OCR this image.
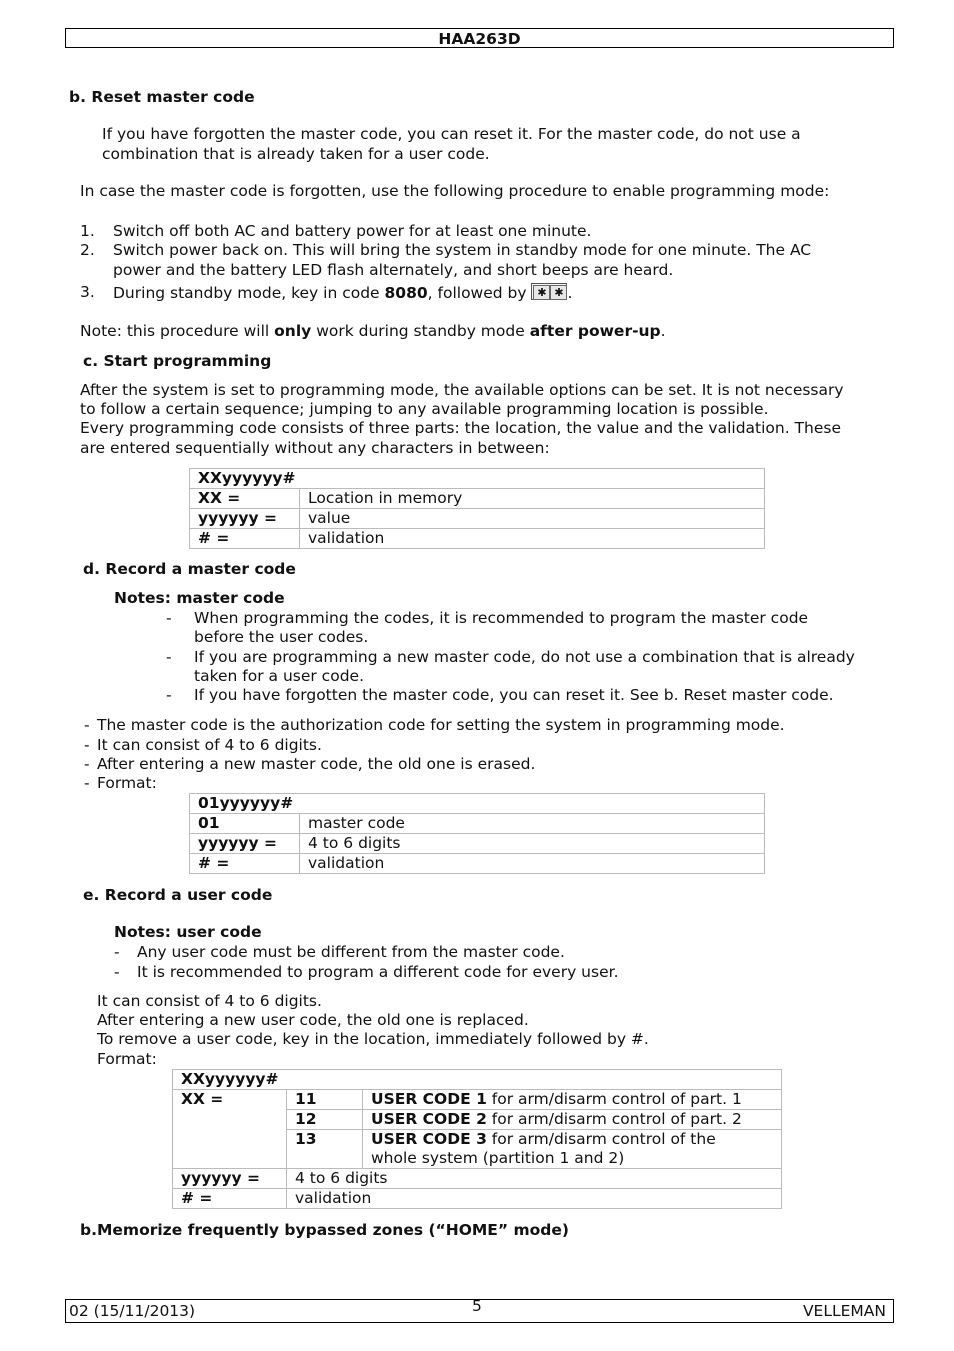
HAA263D
b. Reset master code
If you have forgotten the master code, you can reset it. For the master code, do not use a
combination that is already taken for a user code.
In case the master code is forgotten, use the following procedure to enable programming mode:
1. Switch off both AC and battery power for at least one minute.
2. Switch power back on. This will bring the system in standby mode for one minute. The AC
power and the battery LED flash alternately, and short beeps are heard.
3. During standby mode, key in code 8080, followed by ✱ ✱ .
Note: this procedure will only work during standby mode after power-up.
c. Start programming
After the system is set to programming mode, the available options can be set. It is not necessary
to follow a certain sequence; jumping to any available programming location is possible.
Every programming code consists of three parts: the location, the value and the validation. These
are entered sequentially without any characters in between:
XXyyyyyy#	
XX =	Location in memory
yyyyyy =	value
# =	validation
d. Record a master code
Notes: master code
- When programming the codes, it is recommended to program the master code
before the user codes.
- If you are programming a new master code, do not use a combination that is already
taken for a user code.
- If you have forgotten the master code, you can reset it. See b. Reset master code.
- The master code is the authorization code for setting the system in programming mode.
- It can consist of 4 to 6 digits.
- After entering a new master code, the old one is erased.
- Format:
01yyyyyy#	
01	master code
yyyyyy =	4 to 6 digits
# =	validation
e. Record a user code
Notes: user code
- Any user code must be different from the master code.
- It is recommended to program a different code for every user.
It can consist of 4 to 6 digits.
After entering a new user code, the old one is replaced.
To remove a user code, key in the location, immediately followed by #.
Format:
XXyyyyyy#		
XX =	11	USER CODE 1 for arm/disarm control of part. 1
	12	USER CODE 2 for arm/disarm control of part. 2
	13	USER CODE 3 for arm/disarm control of the
whole system (partition 1 and 2)
yyyyyy =	4 to 6 digits	
# =	validation	
b.Memorize frequently bypassed zones (“HOME” mode)
02 (15/11/2013)	5	VELLEMAN
